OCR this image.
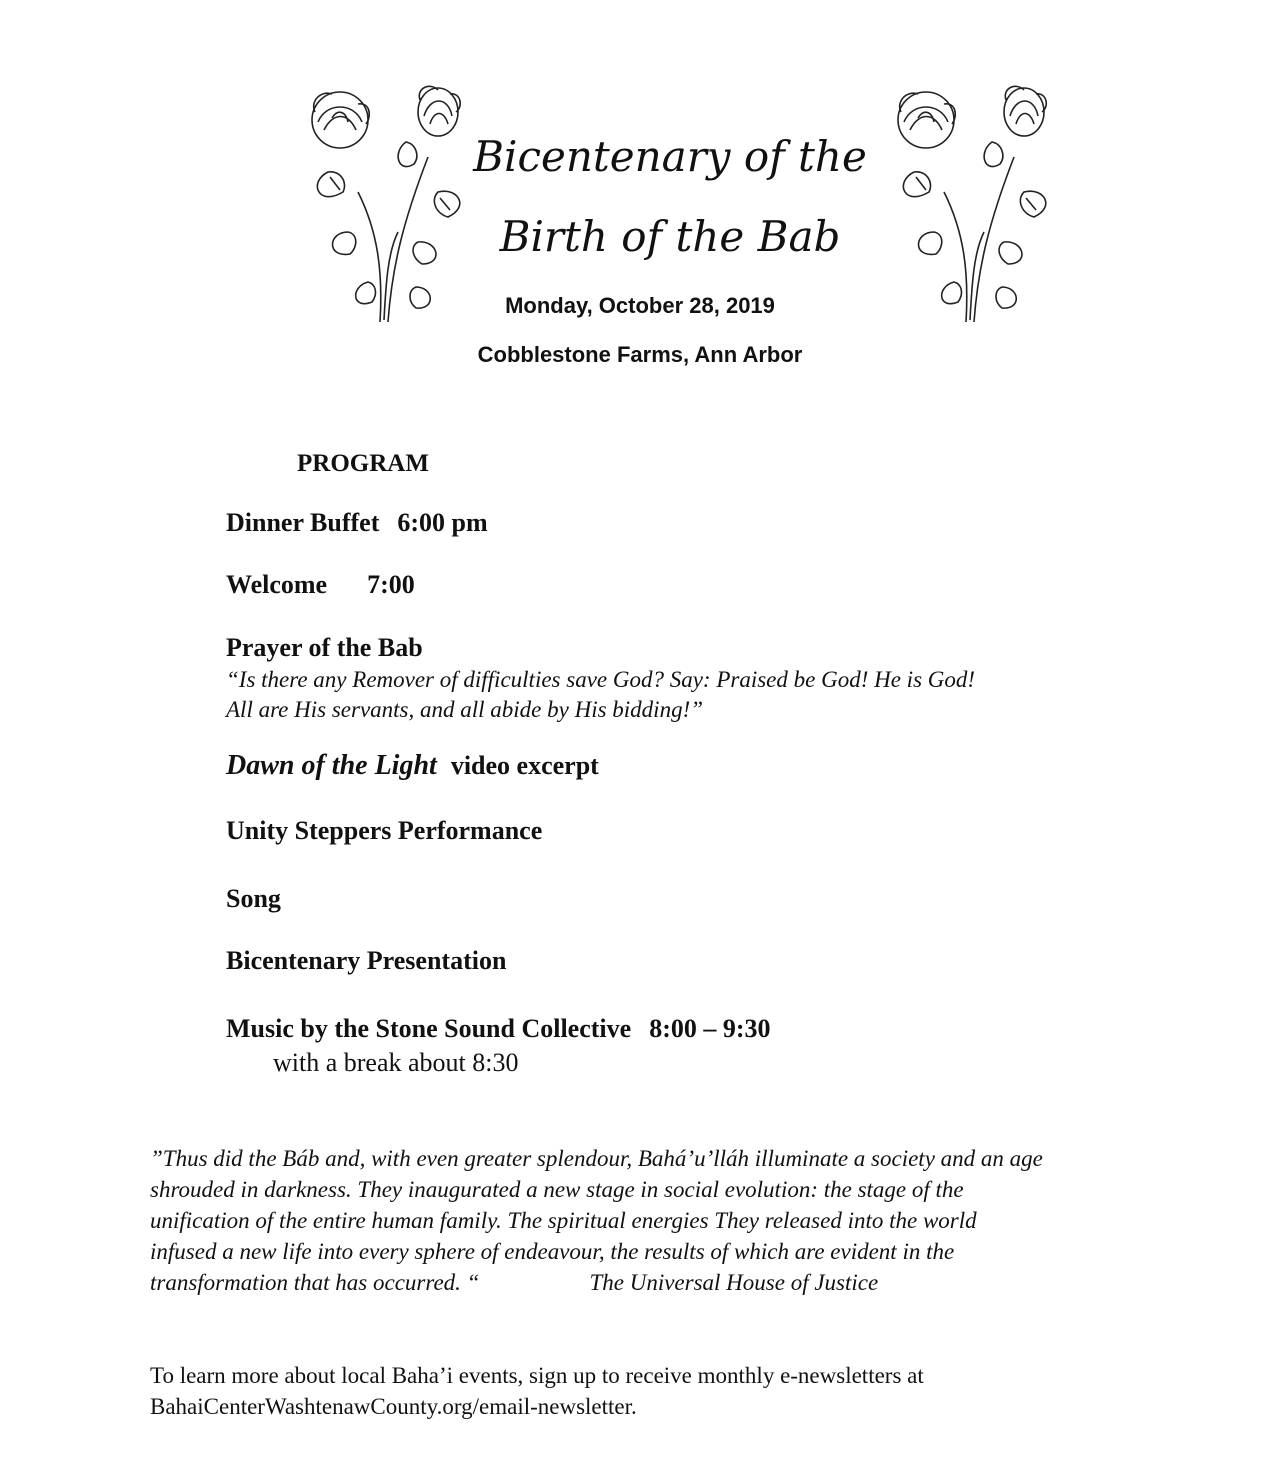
Bicentenary of the
Birth of the Bab
Monday, October 28, 2019
Cobblestone Farms, Ann Arbor
PROGRAM
Dinner Buffet 6:00 pm
Welcome 7:00
Prayer of the Bab
“Is there any Remover of difficulties save God? Say: Praised be God! He is God!
All are His servants, and all abide by His bidding!”
Dawn of the Light video excerpt
Unity Steppers Performance
Song
Bicentenary Presentation
Music by the Stone Sound Collective 8:00 – 9:30
with a break about 8:30
”Thus did the Báb and, with even greater splendour, Bahá’u’lláh illuminate a society and an age
shrouded in darkness. They inaugurated a new stage in social evolution: the stage of the
unification of the entire human family. The spiritual energies They released into the world
infused a new life into every sphere of endeavour, the results of which are evident in the
transformation that has occurred. “	The Universal House of Justice
To learn more about local Baha’i events, sign up to receive monthly e-newsletters at
BahaiCenterWashtenawCounty.org/email-newsletter.
